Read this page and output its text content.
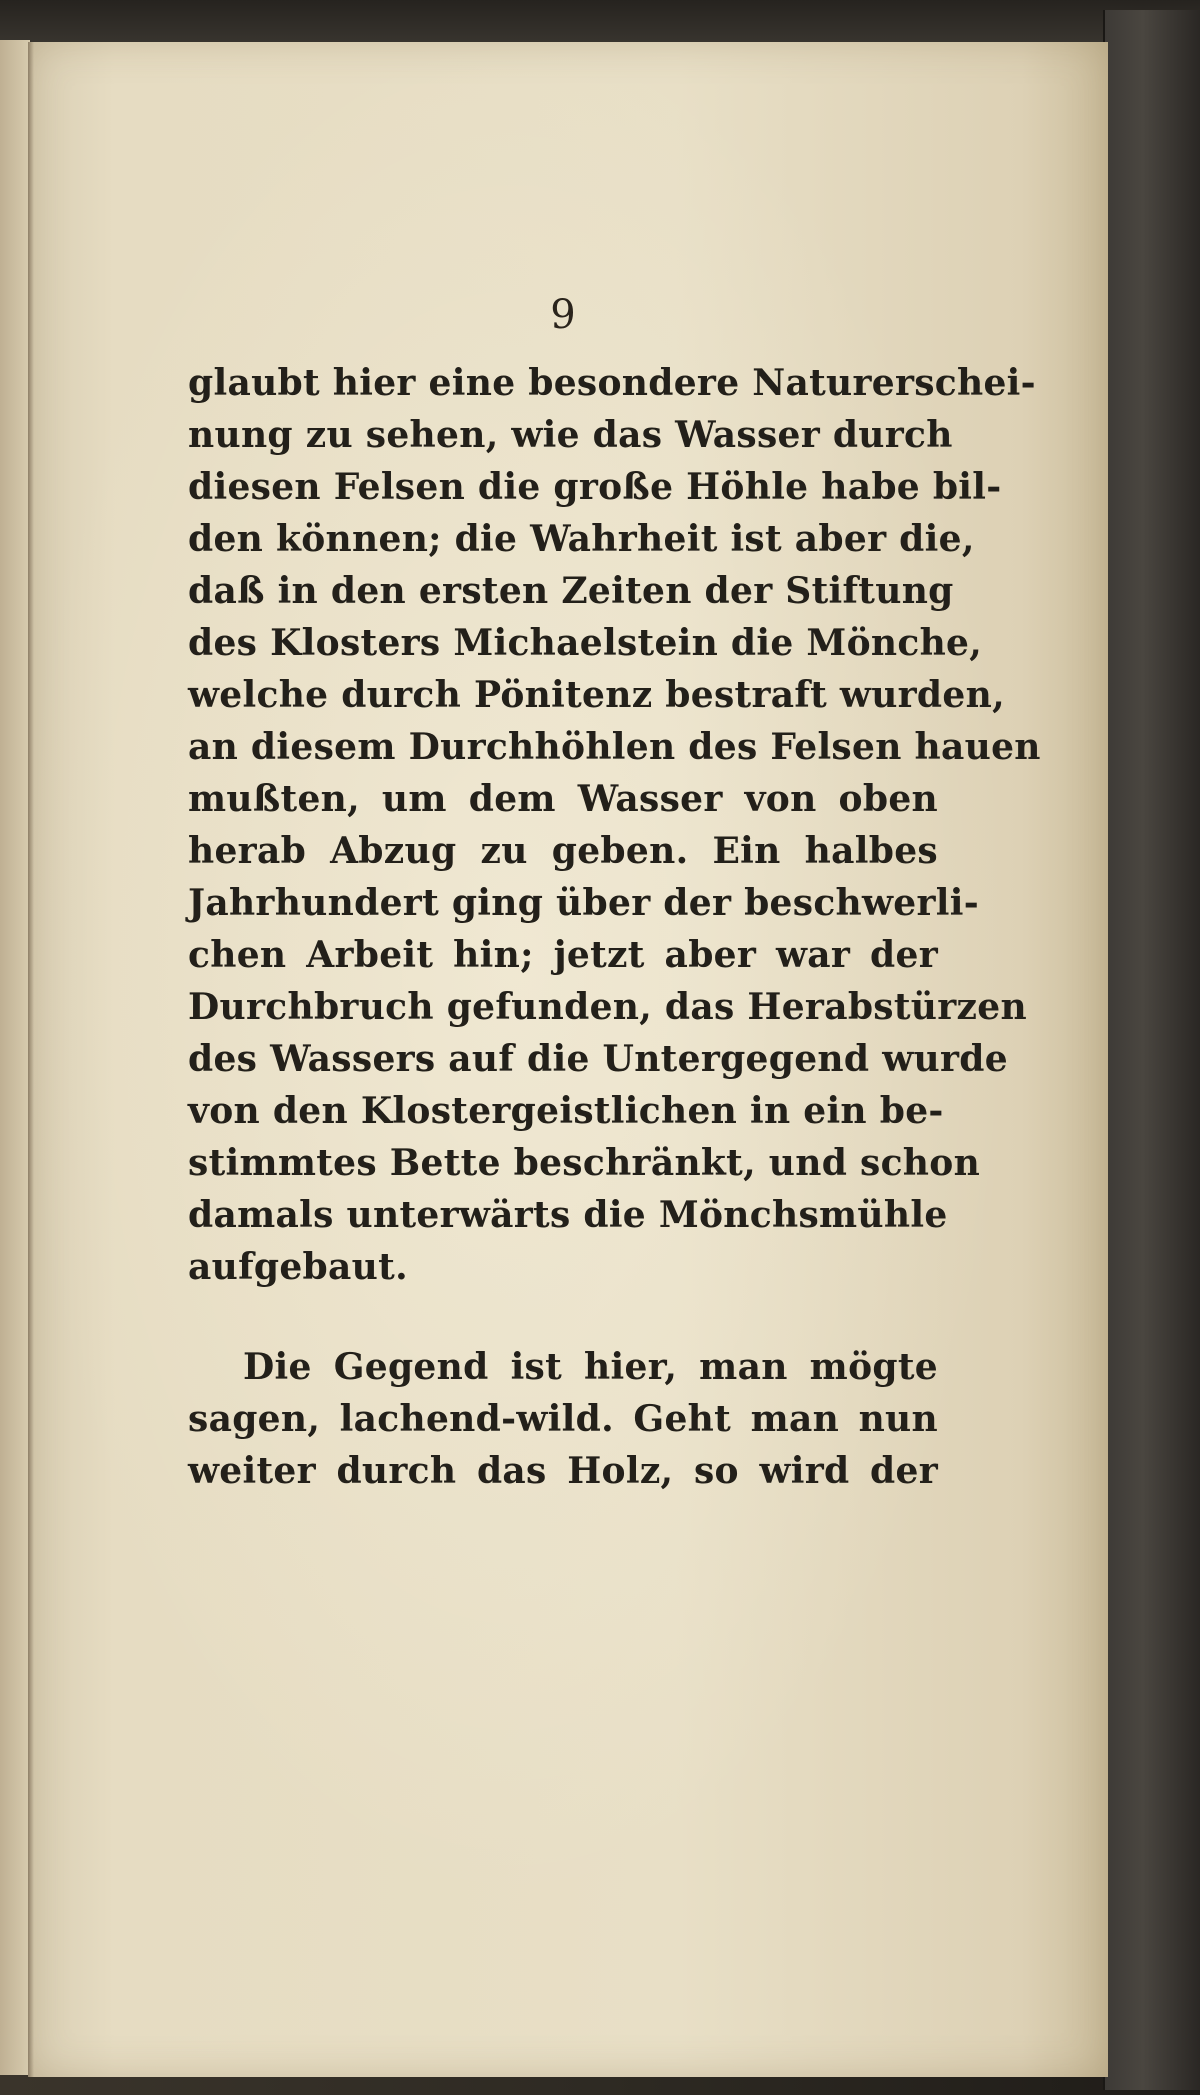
9
glaubt hier eine besondere Naturerschei-
nung zu sehen, wie das Wasser durch
diesen Felsen die große Höhle habe bil-
den können; die Wahrheit ist aber die,
daß in den ersten Zeiten der Stiftung
des Klosters Michaelstein die Mönche,
welche durch Pönitenz bestraft wurden,
an diesem Durchhöhlen des Felsen hauen
mußten, um dem Wasser von oben
herab Abzug zu geben. Ein halbes
Jahrhundert ging über der beschwerli-
chen Arbeit hin; jetzt aber war der
Durchbruch gefunden, das Herabstürzen
des Wassers auf die Untergegend wurde
von den Klostergeistlichen in ein be-
stimmtes Bette beschränkt, und schon
damals unterwärts die Mönchsmühle
aufgebaut.
Die Gegend ist hier, man mögte
sagen, lachend-wild. Geht man nun
weiter durch das Holz, so wird der
